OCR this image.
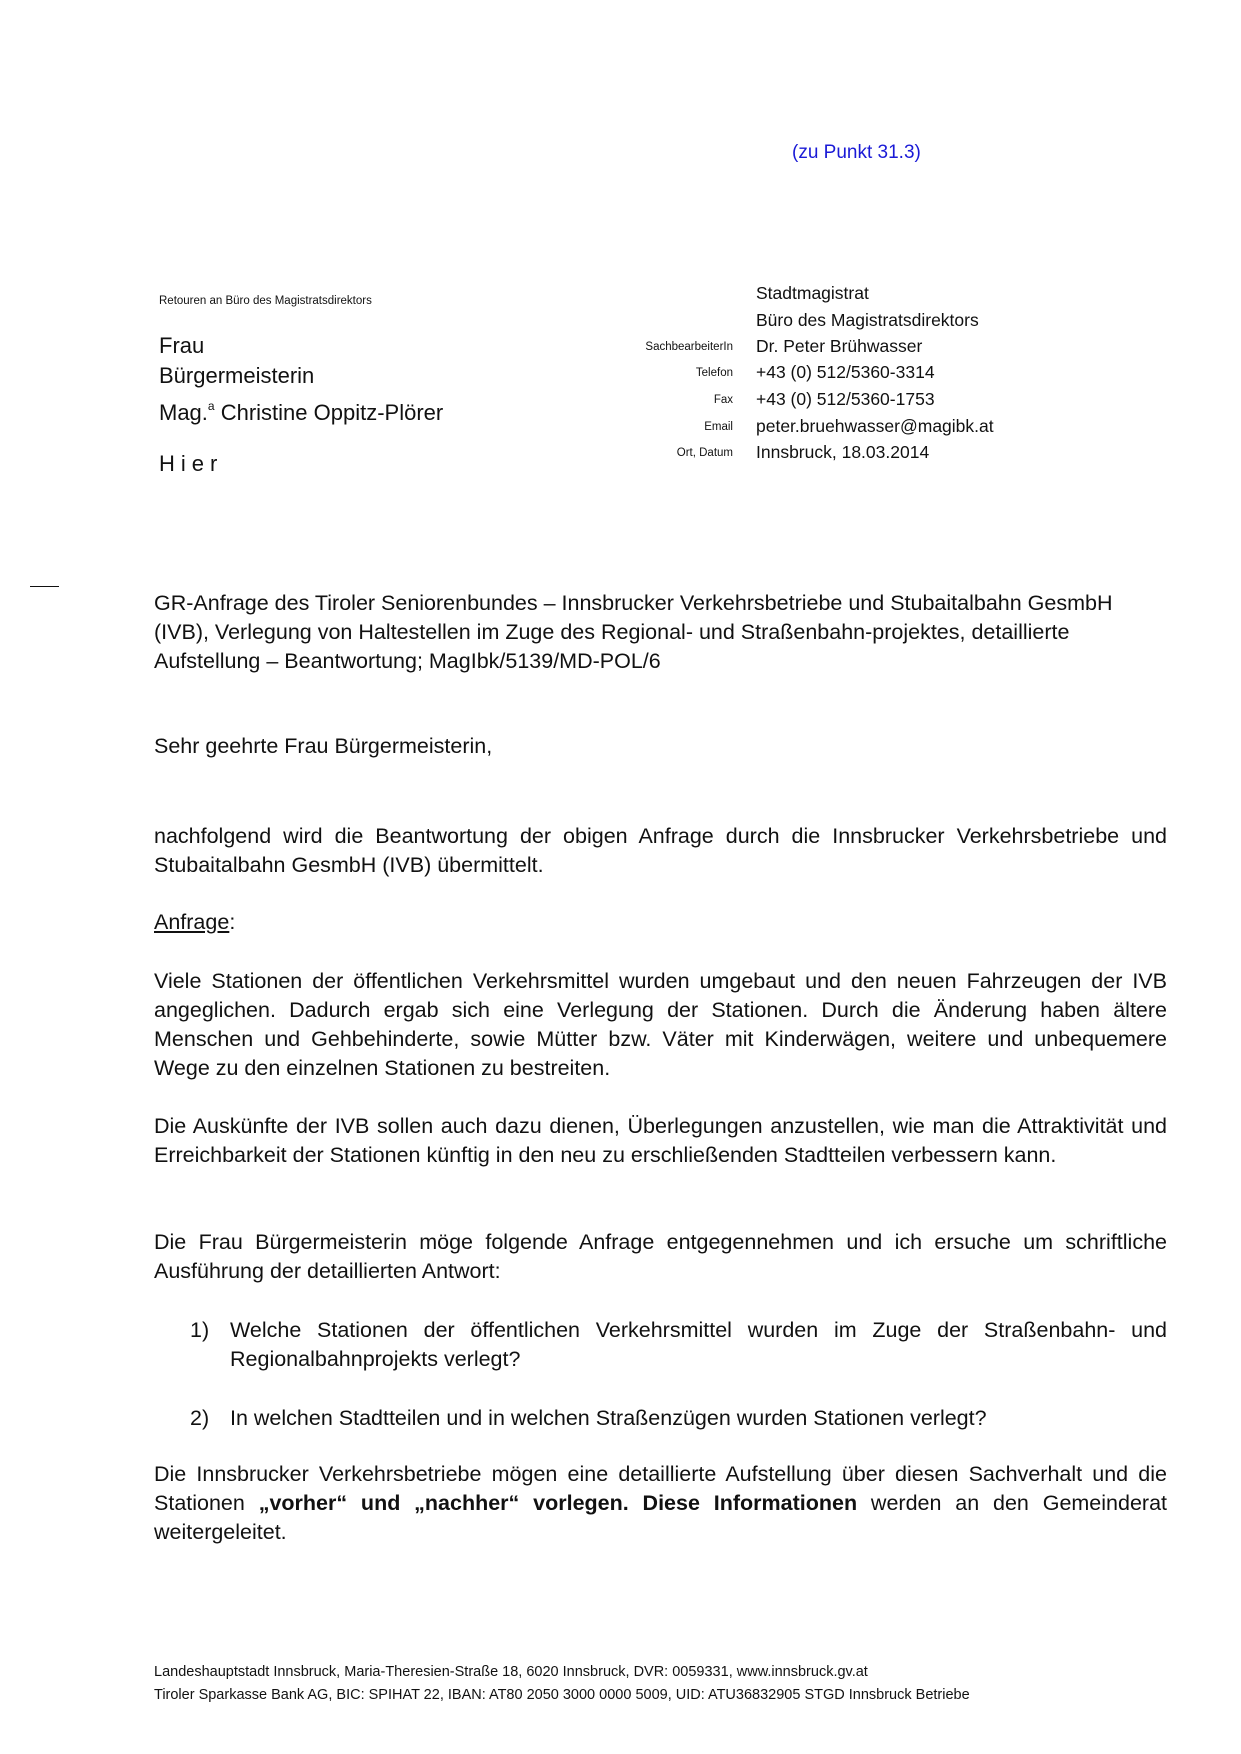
(zu Punkt 31.3)
Retouren an Büro des Magistratsdirektors
Frau
Bürgermeisterin
Mag.$^a$ Christine Oppitz-Plörer
Hier
Stadtmagistrat
Büro des Magistratsdirektors
SachbearbeiterIn Dr. Peter Brühwasser
Telefon +43 (0) 512/5360-3314
Fax +43 (0) 512/5360-1753
Email peter.bruehwasser@magibk.at
Ort, Datum Innsbruck, 18.03.2014
GR-Anfrage des Tiroler Seniorenbundes – Innsbrucker Verkehrsbetriebe und Stubaitalbahn GesmbH (IVB), Verlegung von Haltestellen im Zuge des Regional- und Straßenbahn-projektes, detaillierte Aufstellung – Beantwortung; MagIbk/5139/MD-POL/6
Sehr geehrte Frau Bürgermeisterin,
nachfolgend wird die Beantwortung der obigen Anfrage durch die Innsbrucker Verkehrsbetriebe und Stubaitalbahn GesmbH (IVB) übermittelt.
Anfrage:
Viele Stationen der öffentlichen Verkehrsmittel wurden umgebaut und den neuen Fahrzeugen der IVB angeglichen. Dadurch ergab sich eine Verlegung der Stationen. Durch die Änderung haben ältere Menschen und Gehbehinderte, sowie Mütter bzw. Väter mit Kinderwägen, weitere und unbequemere Wege zu den einzelnen Stationen zu bestreiten.
Die Auskünfte der IVB sollen auch dazu dienen, Überlegungen anzustellen, wie man die Attraktivität und Erreichbarkeit der Stationen künftig in den neu zu erschließenden Stadtteilen verbessern kann.
Die Frau Bürgermeisterin möge folgende Anfrage entgegennehmen und ich ersuche um schriftliche Ausführung der detaillierten Antwort:
1) Welche Stationen der öffentlichen Verkehrsmittel wurden im Zuge der Straßenbahn- und Regionalbahnprojekts verlegt?
2) In welchen Stadtteilen und in welchen Straßenzügen wurden Stationen verlegt?
Die Innsbrucker Verkehrsbetriebe mögen eine detaillierte Aufstellung über diesen Sachverhalt und die Stationen „vorher“ und „nachher“ vorlegen. Diese Informationen werden an den Gemeinderat weitergeleitet.
Landeshauptstadt Innsbruck, Maria-Theresien-Straße 18, 6020 Innsbruck, DVR: 0059331, www.innsbruck.gv.at
Tiroler Sparkasse Bank AG, BIC: SPIHAT 22, IBAN: AT80 2050 3000 0000 5009, UID: ATU36832905 STGD Innsbruck Betriebe
